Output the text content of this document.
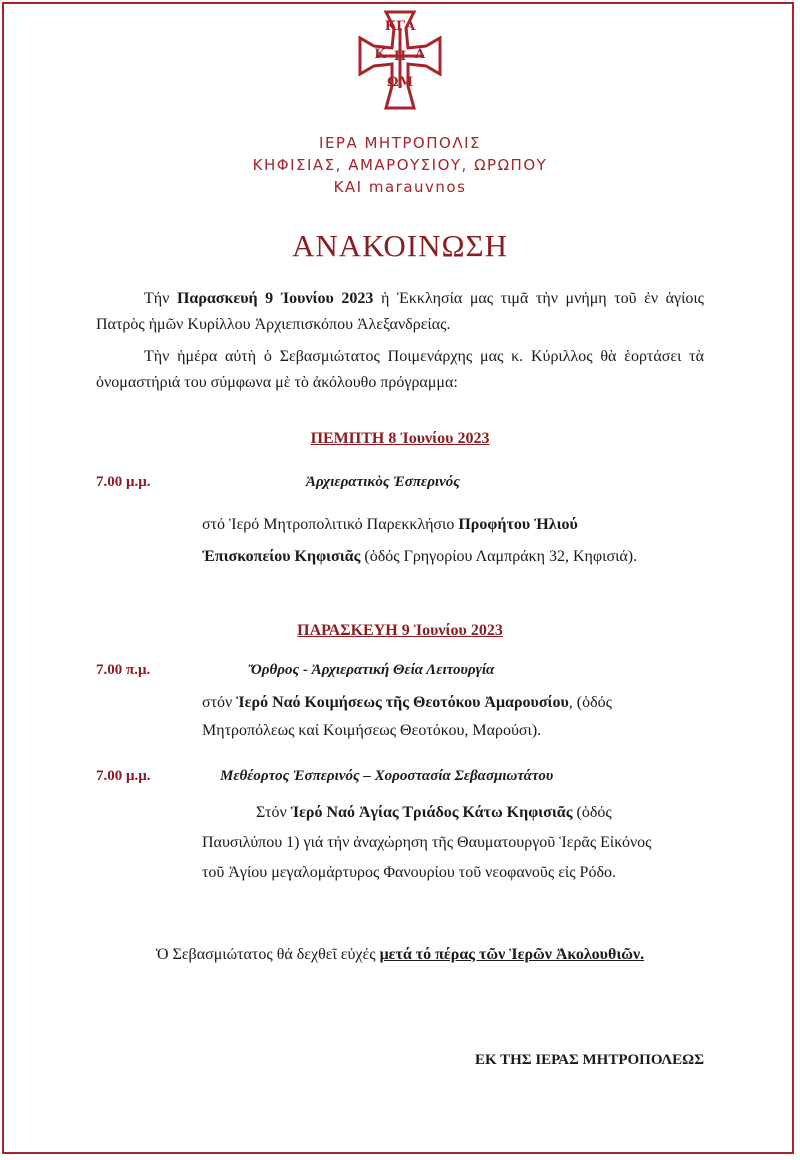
ΚΓΑ
Κ Α
Η
ΩΜ
ΙΕΡΑ ΜΗΤΡΟΠΟΛΙΣ
ΚΗΦΙΣΙΑΣ, ΑΜΑΡΟΥΣΙΟΥ, ΩΡΩΠΟΥ
ΚΑΙ marauvnos
ΑΝΑΚΟΙΝΩΣΗ
Τήν Παρασκευή 9 Ἰουνίου 2023 ἡ Ἐκκλησία μας τιμᾶ τὴν μνήμη τοῦ ἐν ἁγίοις Πατρὸς ἡμῶν Κυρίλλου Ἀρχιεπισκόπου Ἀλεξανδρείας.
Τὴν ἡμέρα αὐτὴ ὁ Σεβασμιώτατος Ποιμενάρχης μας κ. Κύριλλος θὰ ἑορτάσει τὰ ὀνομαστήριά του σύμφωνα μὲ τὸ ἀκόλουθο πρόγραμμα:
ΠΕΜΠΤΗ 8 Ἰουνίου 2023
7.00 μ.μ.	Ἀρχιερατικὸς Ἑσπερινός
στό Ἱερό Μητροπολιτικό Παρεκκλήσιο Προφήτου Ἠλιού
Ἐπισκοπείου Κηφισιᾶς (ὁδός Γρηγορίου Λαμπράκη 32, Κηφισιά).
ΠΑΡΑΣΚΕΥΗ 9 Ἰουνίου 2023
7.00 π.μ.	Ὄρθρος - Ἀρχιερατική Θεία Λειτουργία
στόν Ἱερό Ναό Κοιμήσεως τῆς Θεοτόκου Ἀμαρουσίου, (ὁδός
Μητροπόλεως καί Κοιμήσεως Θεοτόκου, Μαρούσι).
7.00 μ.μ.	Μεθέορτος Ἑσπερινός – Χοροστασία Σεβασμιωτάτου
Στόν Ἱερό Ναό Ἁγίας Τριάδος Κάτω Κηφισιᾶς (ὁδός
Παυσιλύπου 1) γιά τήν ἀναχώρηση τῆς Θαυματουργοῦ Ἱερᾶς Εἰκόνος
τοῦ Ἁγίου μεγαλομάρτυρος Φανουρίου τοῦ νεοφανοῦς εἰς Ρόδο.
Ὁ Σεβασμιώτατος θά δεχθεῖ εὐχές μετά τό πέρας τῶν Ἱερῶν Ἀκολουθιῶν.
ΕΚ ΤΗΣ ΙΕΡΑΣ ΜΗΤΡΟΠΟΛΕΩΣ
